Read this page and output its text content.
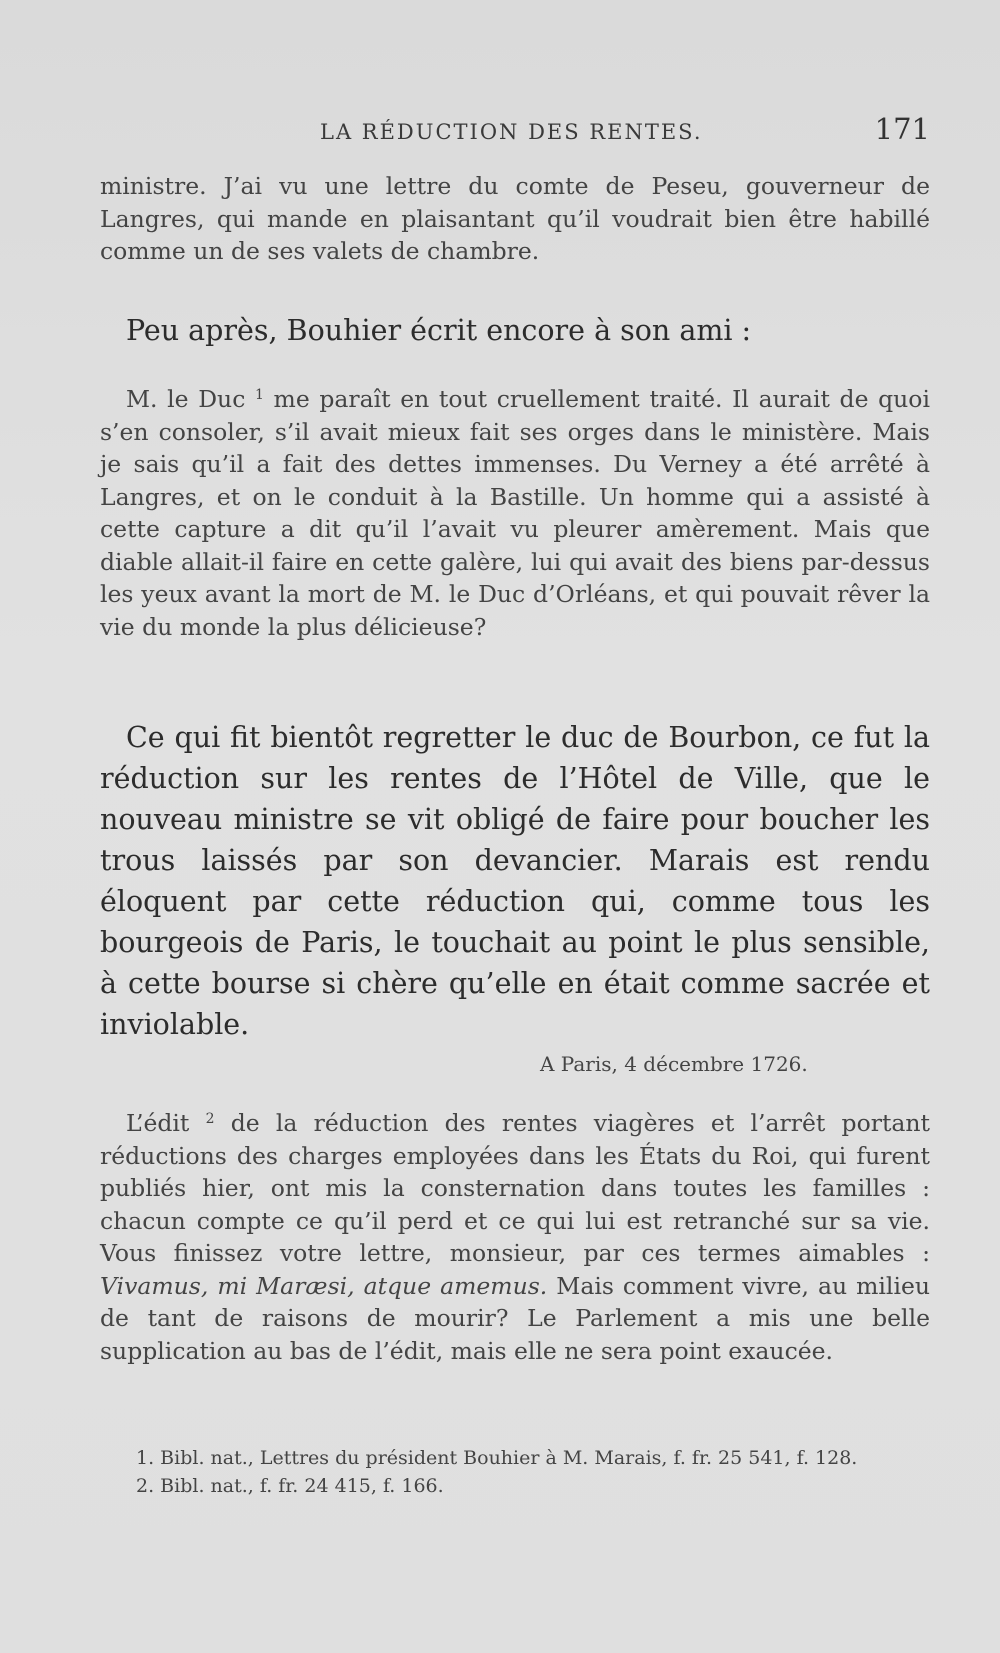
LA RÉDUCTION DES RENTES.	171

ministre. J’ai vu une lettre du comte de Peseu, gouverneur de Langres, qui mande en plaisantant qu’il voudrait bien être habillé comme un de ses valets de chambre.

Peu après, Bouhier écrit encore à son ami :

M. le Duc $^1$ me paraît en tout cruellement traité. Il aurait de quoi s’en consoler, s’il avait mieux fait ses orges dans le ministère. Mais je sais qu’il a fait des dettes immenses. Du Verney a été arrêté à Langres, et on le conduit à la Bastille. Un homme qui a assisté à cette capture a dit qu’il l’avait vu pleurer amèrement. Mais que diable allait-il faire en cette galère, lui qui avait des biens par-dessus les yeux avant la mort de M. le Duc d’Orléans, et qui pouvait rêver la vie du monde la plus délicieuse?

Ce qui fit bientôt regretter le duc de Bourbon, ce fut la réduction sur les rentes de l’Hôtel de Ville, que le nouveau ministre se vit obligé de faire pour boucher les trous laissés par son devancier. Marais est rendu éloquent par cette réduction qui, comme tous les bourgeois de Paris, le touchait au point le plus sensible, à cette bourse si chère qu’elle en était comme sacrée et inviolable.

A Paris, 4 décembre 1726.

L’édit $^2$ de la réduction des rentes viagères et l’arrêt portant réductions des charges employées dans les États du Roi, qui furent publiés hier, ont mis la consternation dans toutes les familles : chacun compte ce qu’il perd et ce qui lui est retranché sur sa vie. Vous finissez votre lettre, monsieur, par ces termes aimables : Vivamus, mi Maræsi, atque amemus. Mais comment vivre, au milieu de tant de raisons de mourir? Le Parlement a mis une belle supplication au bas de l’édit, mais elle ne sera point exaucée.

1. Bibl. nat., Lettres du président Bouhier à M. Marais, f. fr. 25 541, f. 128.

2. Bibl. nat., f. fr. 24 415, f. 166.
